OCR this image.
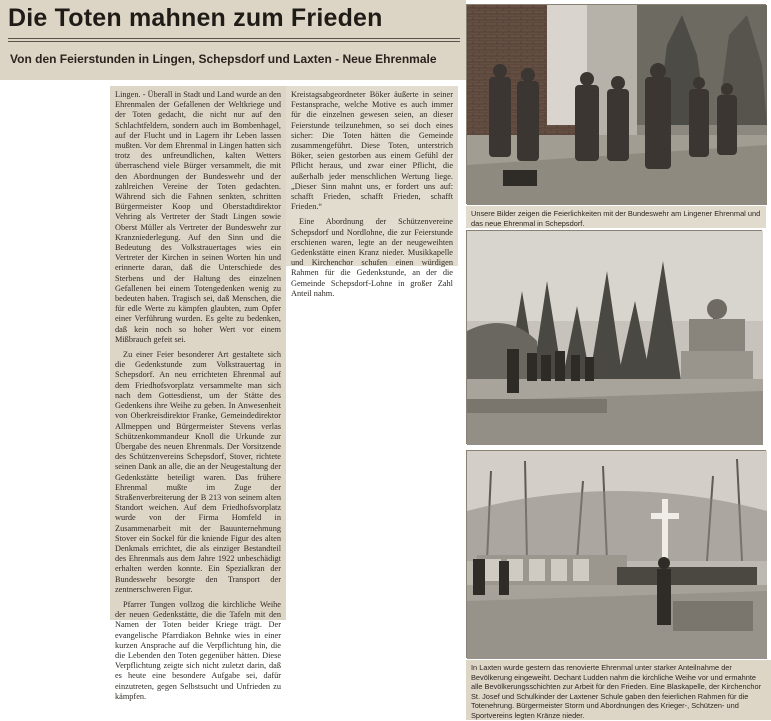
Die Toten mahnen zum Frieden
Von den Feierstunden in Lingen, Schepsdorf und Laxten - Neue Ehrenmale

Lingen. - Überall in Stadt und Land wurde an den Ehrenmalen der Gefallenen der Weltkriege und der Toten gedacht, die nicht nur auf den Schlachtfeldern, sondern auch im Bombenhagel, auf der Flucht und in Lagern ihr Leben lassen mußten. Vor dem Ehrenmal in Lingen hatten sich trotz des unfreundlichen, kalten Wetters überraschend viele Bürger versammelt, die mit den Abordnungen der Bundeswehr und der zahlreichen Vereine der Toten gedachten. Während sich die Fahnen senkten, schritten Bürgermeister Koop und Oberstadtdirektor Vehring als Vertreter der Stadt Lingen sowie Oberst Müller als Vertreter der Bundeswehr zur Kranzniederlegung. Auf den Sinn und die Bedeutung des Volkstrauertages wies ein Vertreter der Kirchen in seinen Worten hin und erinnerte daran, daß die Unterschiede des Sterbens und der Haltung des einzelnen Gefallenen bei einem Totengedenken wenig zu bedeuten haben. Tragisch sei, daß Menschen, die für edle Werte zu kämpfen glaubten, zum Opfer einer Verführung wurden. Es gelte zu bedenken, daß kein noch so hoher Wert vor einem Mißbrauch gefeit sei.

Zu einer Feier besonderer Art gestaltete sich die Gedenkstunde zum Volkstrauertag in Schepsdorf. An neu errichteten Ehrenmal auf dem Friedhofsvorplatz versammelte man sich nach dem Gottesdienst, um der Stätte des Gedenkens ihre Weihe zu geben. In Anwesenheit von Oberkreisdirektor Franke, Gemeindedirektor Allmeppen und Bürgermeister Stevens verlas Schützenkommandeur Knoll die Urkunde zur Übergabe des neuen Ehrenmals. Der Vorsitzende des Schützenvereins Schepsdorf, Stover, richtete seinen Dank an alle, die an der Neugestaltung der Gedenkstätte beteiligt waren. Das frühere Ehrenmal mußte im Zuge der Straßenverbreiterung der B 213 von seinem alten Standort weichen. Auf dem Friedhofsvorplatz wurde von der Firma Homfeld in Zusammenarbeit mit der Bauunternehmung Stover ein Sockel für die kniende Figur des alten Denkmals errichtet, die als einziger Bestandteil des Ehrenmals aus dem Jahre 1922 unbeschädigt erhalten werden konnte. Ein Spezialkran der Bundeswehr besorgte den Transport der zentnerschweren Figur.

Pfarrer Tungen vollzog die kirchliche Weihe der neuen Gedenkstätte, die die Tafeln mit den Namen der Toten beider Kriege trägt. Der evangelische Pfarrdiakon Behnke wies in einer kurzen Ansprache auf die Verpflichtung hin, die die Lebenden den Toten gegenüber hätten. Diese Verpflichtung zeigte sich nicht zuletzt darin, daß es heute eine besondere Aufgabe sei, dafür einzutreten, gegen Selbstsucht und Unfrieden zu kämpfen.

Kreistagsabgeordneter Böker äußerte in seiner Festansprache, welche Motive es auch immer für die einzelnen gewesen seien, an dieser Feierstunde teilzunehmen, so sei doch eines sicher: Die Toten hätten die Gemeinde zusammengeführt. Diese Toten, unterstrich Böker, seien gestorben aus einem Gefühl der Pflicht heraus, und zwar einer Pflicht, die außerhalb jeder menschlichen Wertung liege. „Dieser Sinn mahnt uns, er fordert uns auf: schafft Frieden, schafft Frieden, schafft Frieden.“

Eine Abordnung der Schützenvereine Schepsdorf und Nordlohne, die zur Feierstunde erschienen waren, legte an der neugeweihten Gedenkstätte einen Kranz nieder. Musikkapelle und Kirchenchor schufen einen würdigen Rahmen für die Gedenkstunde, an der die Gemeinde Schepsdorf-Lohne in großer Zahl Anteil nahm.

Unsere Bilder zeigen die Feierlichkeiten mit der Bundeswehr am Lingener Ehrenmal und das neue Ehrenmal in Schepsdorf.
In Laxten wurde gestern das renovierte Ehrenmal unter starker Anteilnahme der Bevölkerung eingeweiht. Dechant Ludden nahm die kirchliche Weihe vor und ermahnte alle Bevölkerungsschichten zur Arbeit für den Frieden. Eine Blaskapelle, der Kirchenchor St. Josef und Schulkinder der Laxtener Schule gaben den feierlichen Rahmen für die Totenehrung. Bürgermeister Storm und Abordnungen des Krieger-, Schützen- und Sportvereins legten Kränze nieder.
